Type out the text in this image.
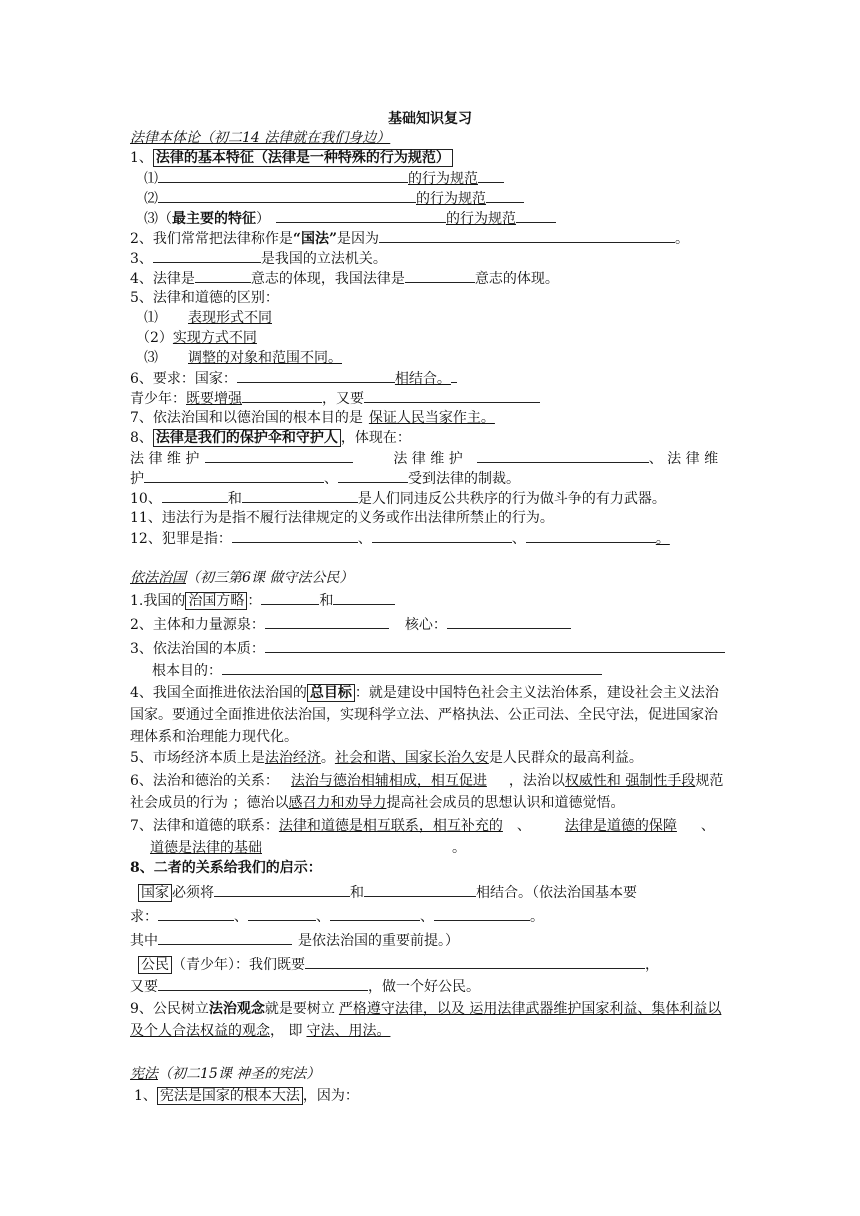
基础知识复习
法律本体论（初二14 法律就在我们身边）
1、 法律的基本特征（法律是一种特殊的行为规范）
⑴	的行为规范
⑵	的行为规范
⑶（最主要的特征）	的行为规范
2、我们常常把法律称作是“国法”是因为	。
3、	是我国的立法机关。
4、法律是	意志的体现，我国法律是	意志的体现。
5、法律和道德的区别：
⑴ 表现形式不同
（2）实现方式不同
⑶ 调整的对象和范围不同。
6、要求：国家：	相结合。
青少年：既要增强	，又要
7、依法治国和以德治国的根本目的是 保证人民当家作主。
8、 法律是我们的保护伞和守护人 ，体现在：
法 律 维 护	法 律 维 护	、 法 律 维
护	、	受到法律的制裁。
10、	和	是人们同违反公共秩序的行为做斗争的有力武器。
11、违法行为是指不履行法律规定的义务或作出法律所禁止的行为。
12、犯罪是指：	、	、	。
依法治国（初三第6课 做守法公民）
1.我国的 治国方略 ：	和
2、主体和力量源泉：	核心：
3、依法治国的本质：
根本目的：
4、我国全面推进依法治国的 总目标 ：就是建设中国特色社会主义法治体系，建设社会主义法治国家。要通过全面推进依法治国，实现科学立法、严格执法、公正司法、全民守法，促进国家治理体系和治理能力现代化。
5、市场经济本质上是法治经济。社会和谐、国家长治久安是人民群众的最高利益。
6、法治和德治的关系： 法治与德治相辅相成，相互促进 ，法治以权威性和 强制性手段规范社会成员的行为 ；德治以感召力和劝导力提高社会成员的思想认识和道德觉悟。
7、法律和道德的联系：法律和道德是相互联系，相互补充的 、 法律是道德的保障 、道德是法律的基础	。
8、二者的关系给我们的启示：
国家 必须将	和	相结合。（依法治国基本要
求：	、	、	、	。
其中	是依法治国的重要前提。）
公民 （青少年）：我们既要	，
又要	，做一个好公民。
9、公民树立法治观念就是要树立 严格遵守法律，以及 运用法律武器维护国家利益、集体利益以及个人合法权益的观念， 即 守法、用法。
宪法（初二15课 神圣的宪法）
1、 宪法是国家的根本大法 ，因为：
